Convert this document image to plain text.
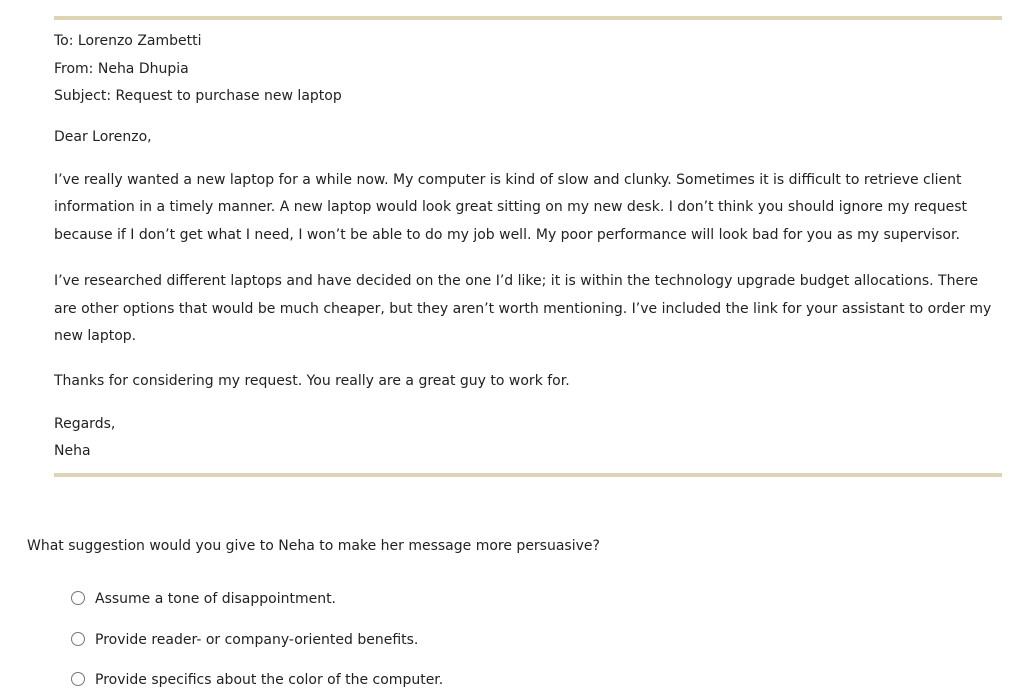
To: Lorenzo Zambetti
From: Neha Dhupia
Subject: Request to purchase new laptop
Dear Lorenzo,
I’ve really wanted a new laptop for a while now. My computer is kind of slow and clunky. Sometimes it is difficult to retrieve client information in a timely manner. A new laptop would look great sitting on my new desk. I don’t think you should ignore my request because if I don’t get what I need, I won’t be able to do my job well. My poor performance will look bad for you as my supervisor.
I’ve researched different laptops and have decided on the one I’d like; it is within the technology upgrade budget allocations. There are other options that would be much cheaper, but they aren’t worth mentioning. I’ve included the link for your assistant to order my new laptop.
Thanks for considering my request. You really are a great guy to work for.
Regards,
Neha
What suggestion would you give to Neha to make her message more persuasive?
Assume a tone of disappointment.
Provide reader- or company-oriented benefits.
Provide specifics about the color of the computer.
